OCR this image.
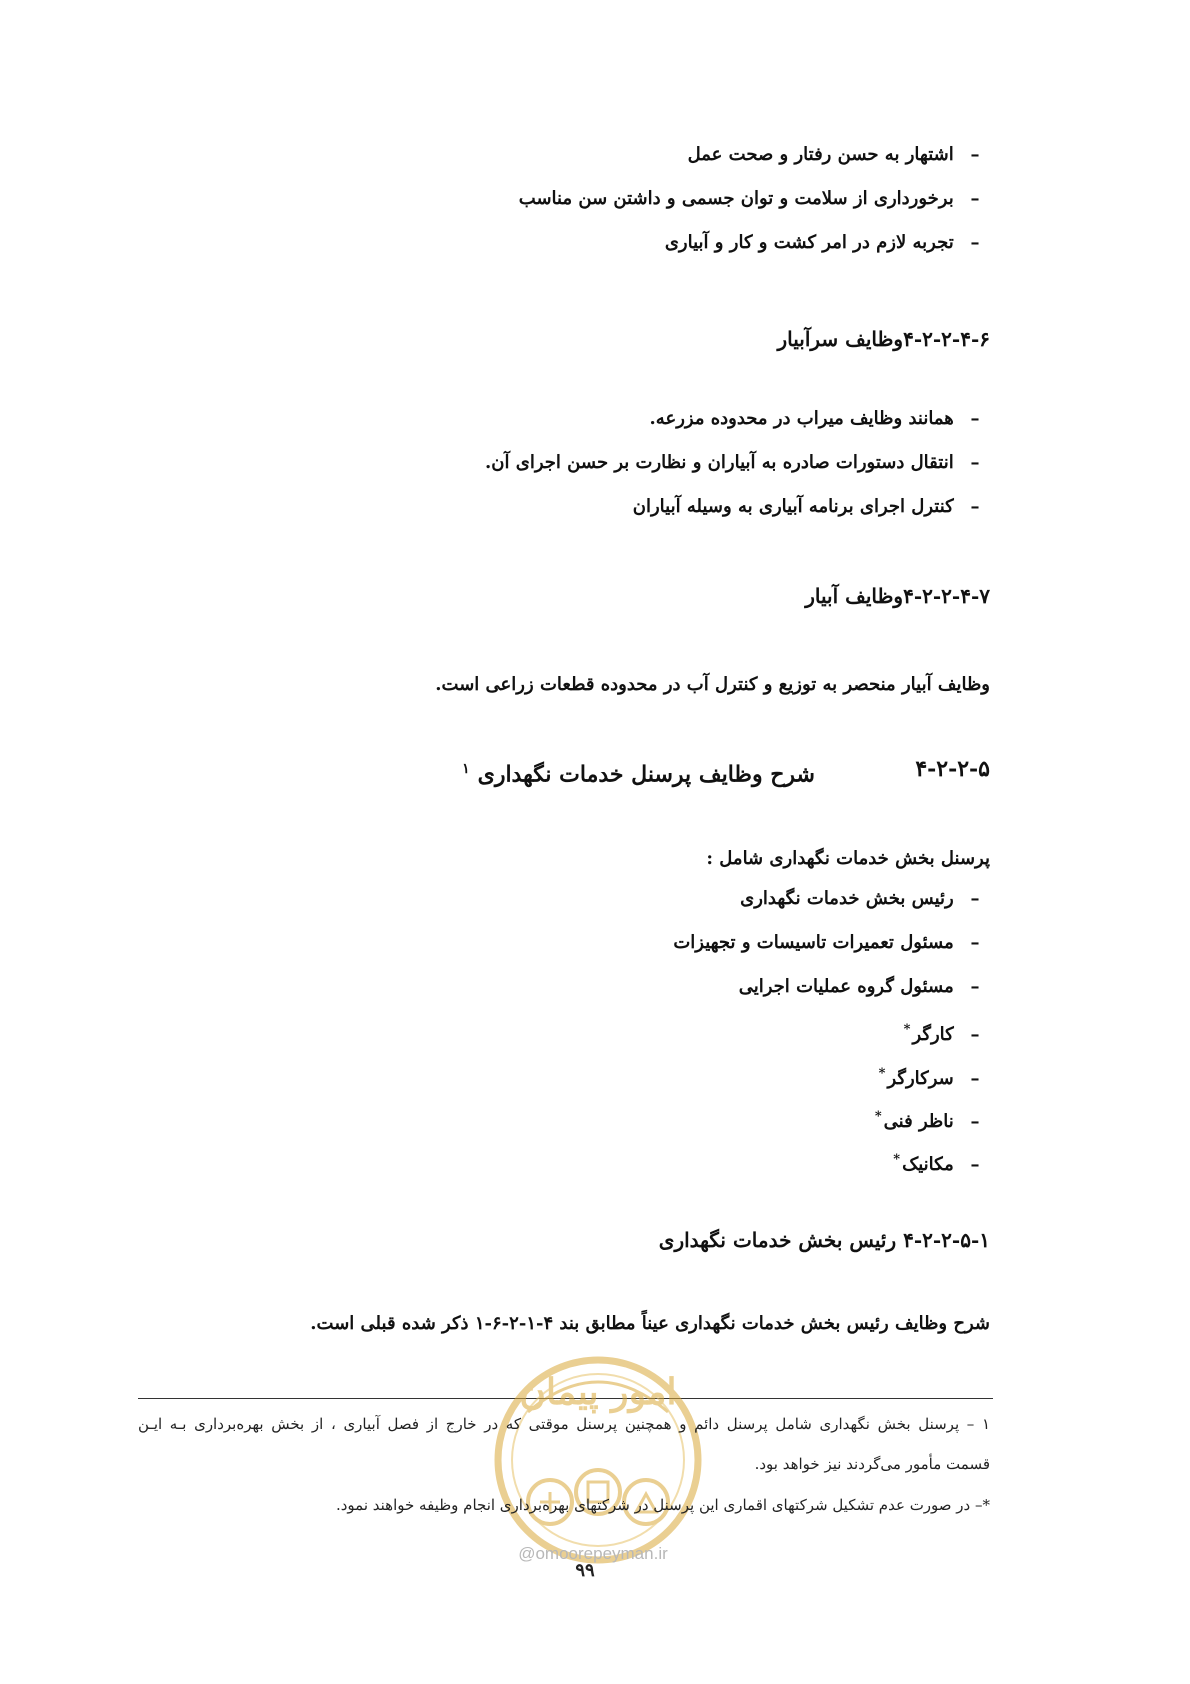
– اشتهار به حسن رفتار و صحت عمل
– برخورداری از سلامت و توان جسمی و داشتن سن مناسب
– تجربه لازم در امر کشت و کار و آبیاری
۴-۲-۲-۴-۶وظایف سرآبیار
– همانند وظایف میراب در محدوده مزرعه.
– انتقال دستورات صادره به آبیاران و نظارت بر حسن اجرای آن.
– کنترل اجرای برنامه آبیاری به وسیله آبیاران
۴-۲-۲-۴-۷وظایف آبیار
وظایف آبیار منحصر به توزیع و کنترل آب در محدوده قطعات زراعی است.
۴-۲-۲-۵
شرح وظایف پرسنل خدمات نگهداری$^۱$
پرسنل بخش خدمات نگهداری شامل :
– رئیس بخش خدمات نگهداری
– مسئول تعمیرات تاسیسات و تجهیزات
– مسئول گروه عملیات اجرایی
– کارگر*
– سرکارگر*
– ناظر فنی*
– مکانیک*
۴-۲-۲-۵-۱ رئیس بخش خدمات نگهداری
شرح وظایف رئیس بخش خدمات نگهداری عیناً مطابق بند ۴-۱-۲-۶-۱ ذکر شده قبلی است.
امور پیمان
۱ – پرسنل بخش نگهداری شامل پرسنل دائم و همچنین پرسنل موقتی که در خارج از فصل آبیاری ، از بخش بهره‌برداری بـه ایـن
قسمت مأمور می‌گردند نیز خواهد بود.
*– در صورت عدم تشکیل شرکتهای اقماری این پرسنل در شرکتهای بهره‌برداری انجام وظیفه خواهند نمود.
@omoorepeyman.ir
۹۹
